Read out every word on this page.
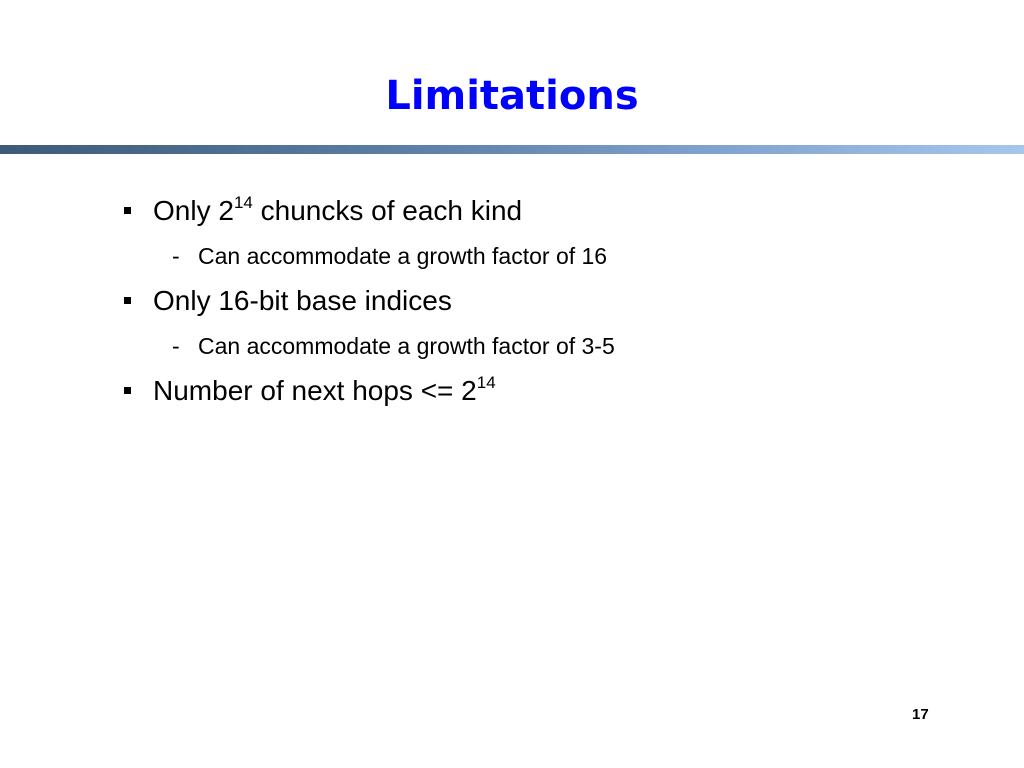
Limitations
Only $2^{14}$ chuncks of each kind
- Can accommodate a growth factor of 16
Only 16-bit base indices
- Can accommodate a growth factor of 3-5
Number of next hops <= $2^{14}$
17
